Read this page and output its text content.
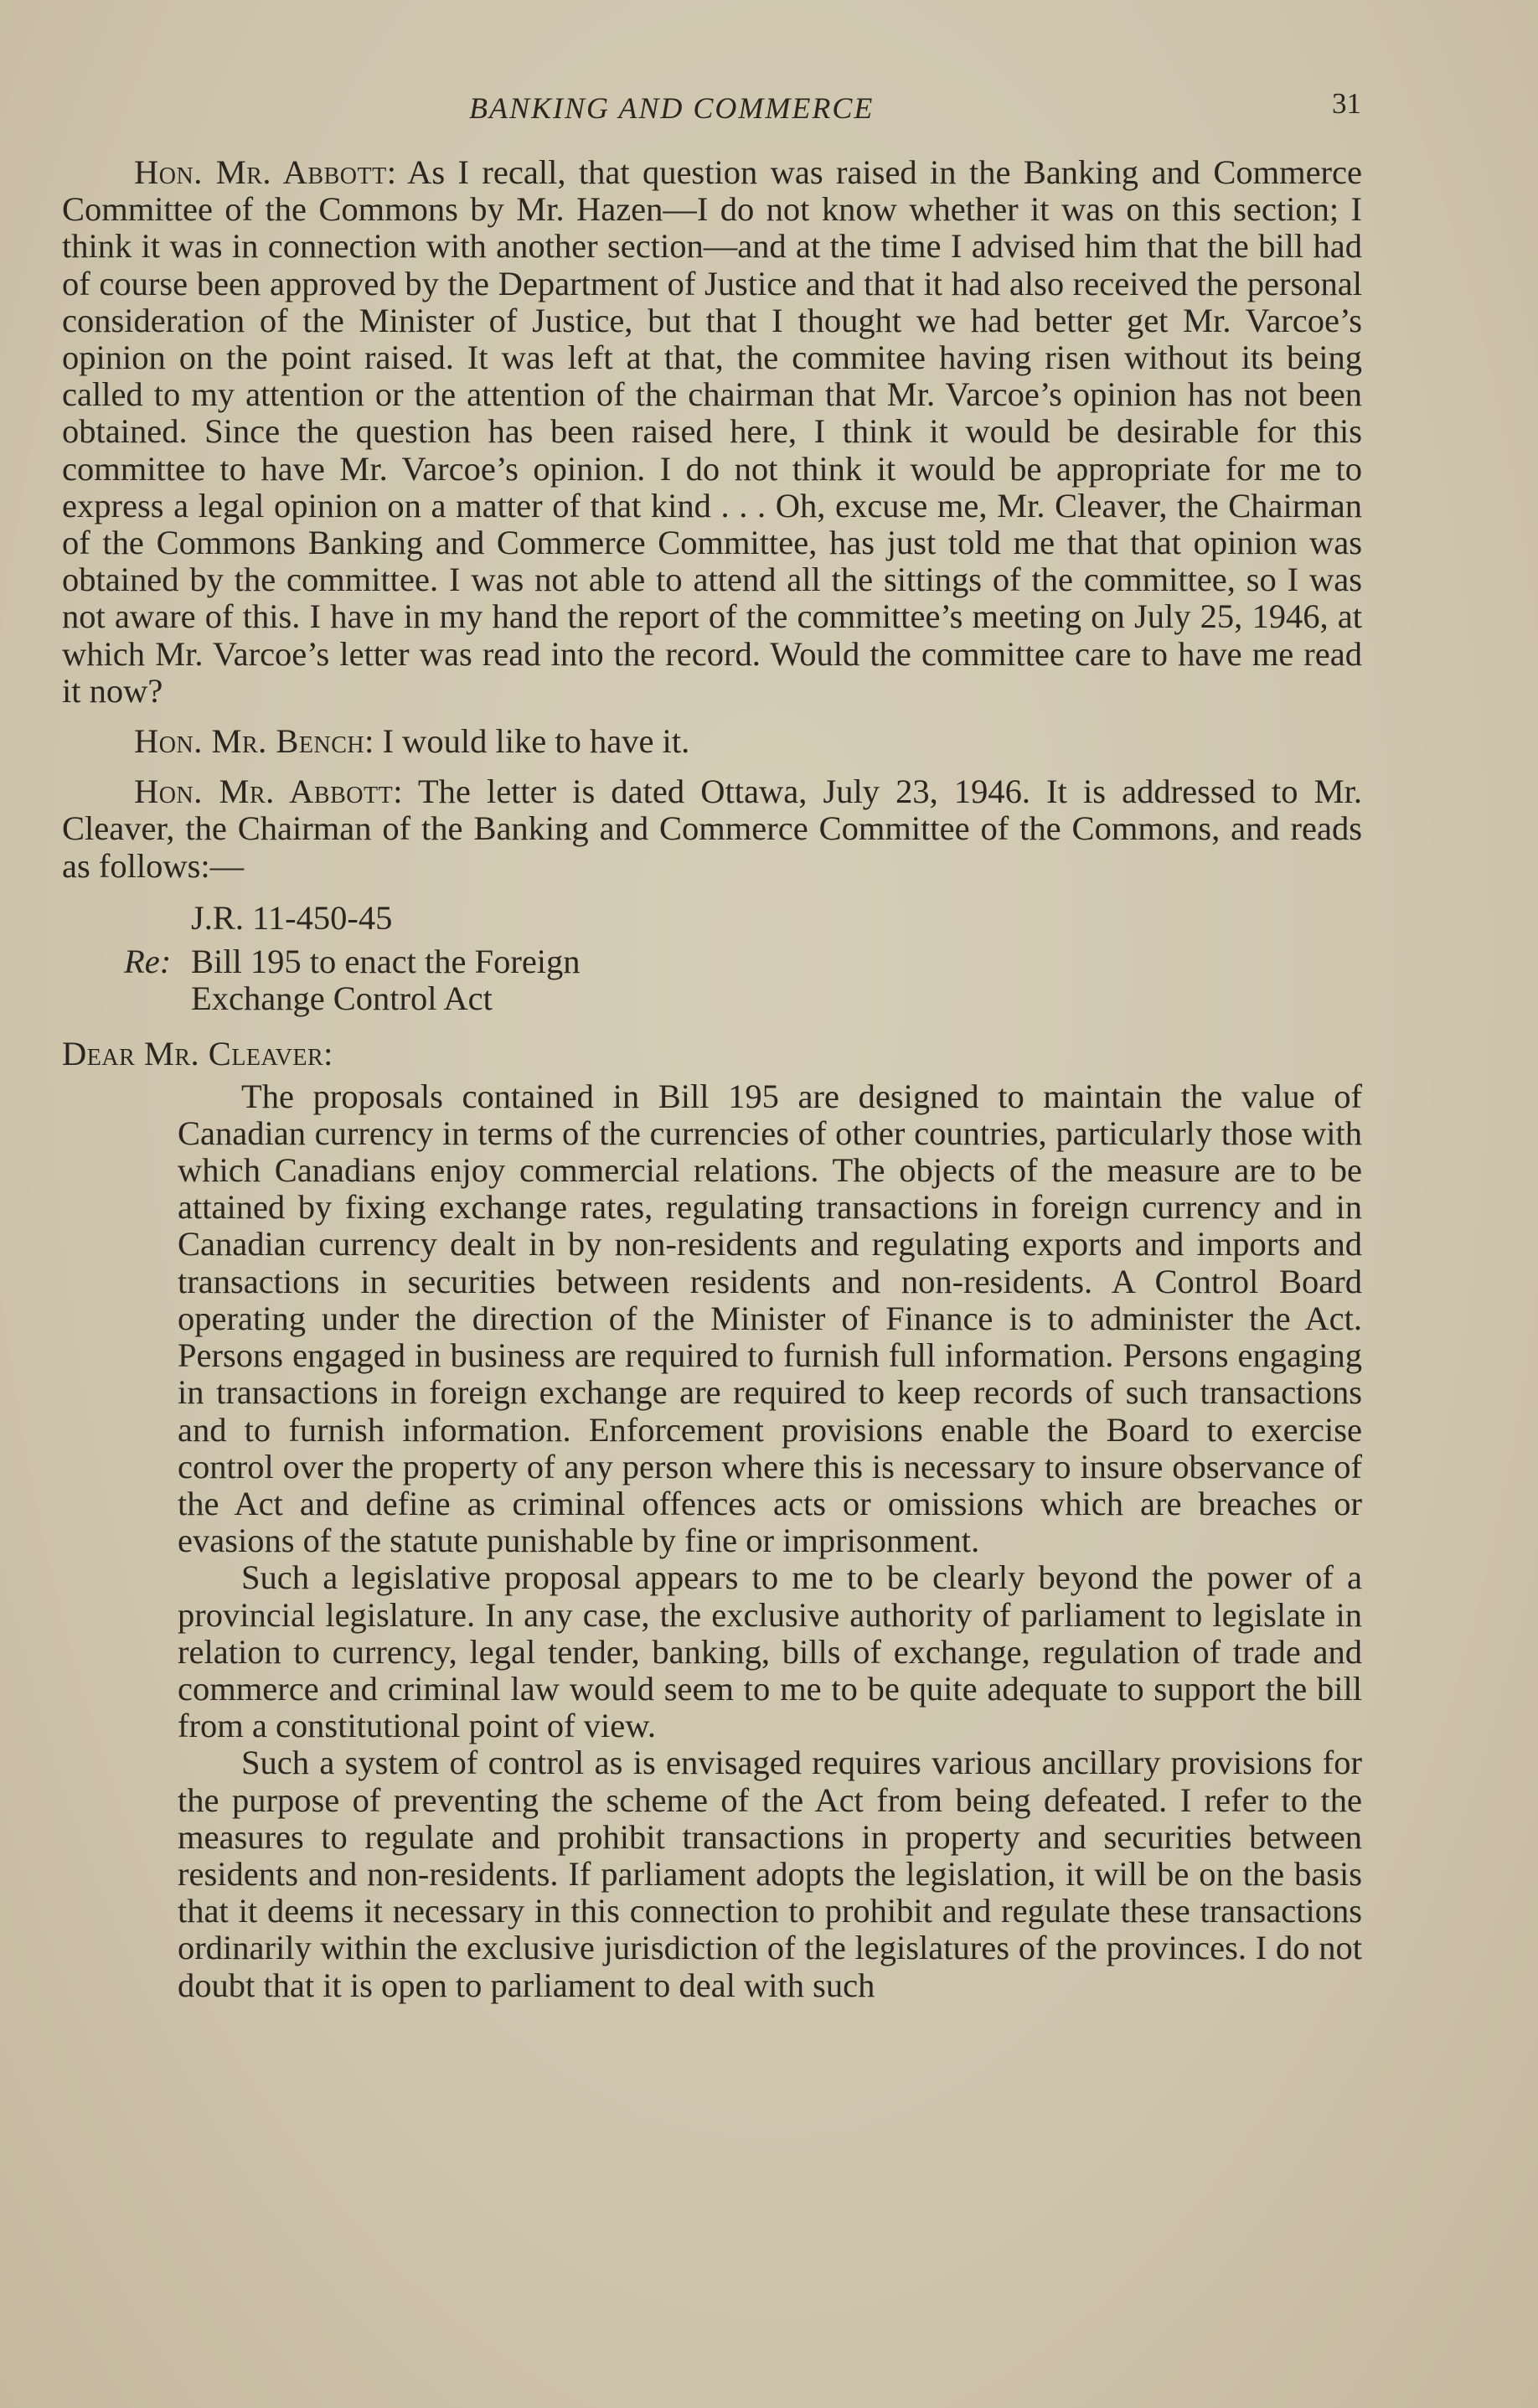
BANKING AND COMMERCE	31

Hon. Mr. Abbott: As I recall, that question was raised in the Banking and Commerce Committee of the Commons by Mr. Hazen—I do not know whether it was on this section; I think it was in connection with another section—and at the time I advised him that the bill had of course been approved by the Department of Justice and that it had also received the personal consideration of the Minister of Justice, but that I thought we had better get Mr. Varcoe’s opinion on the point raised. It was left at that, the commitee having risen without its being called to my attention or the attention of the chairman that Mr. Varcoe’s opinion has not been obtained. Since the question has been raised here, I think it would be desirable for this committee to have Mr. Varcoe’s opinion. I do not think it would be appropriate for me to express a legal opinion on a matter of that kind . . . Oh, excuse me, Mr. Cleaver, the Chairman of the Commons Banking and Commerce Committee, has just told me that that opinion was obtained by the committee. I was not able to attend all the sittings of the committee, so I was not aware of this. I have in my hand the report of the committee’s meeting on July 25, 1946, at which Mr. Varcoe’s letter was read into the record. Would the committee care to have me read it now?

Hon. Mr. Bench: I would like to have it.

Hon. Mr. Abbott: The letter is dated Ottawa, July 23, 1946. It is addressed to Mr. Cleaver, the Chairman of the Banking and Commerce Committee of the Commons, and reads as follows:—

J.R. 11-450-45
Re: Bill 195 to enact the Foreign
Exchange Control Act
Dear Mr. Cleaver:

The proposals contained in Bill 195 are designed to maintain the value of Canadian currency in terms of the currencies of other countries, particularly those with which Canadians enjoy commercial relations. The objects of the measure are to be attained by fixing exchange rates, regulating transactions in foreign currency and in Canadian currency dealt in by non-residents and regulating exports and imports and transactions in securities between residents and non-residents. A Control Board operating under the direction of the Minister of Finance is to administer the Act. Persons engaged in business are required to furnish full information. Persons engaging in transactions in foreign exchange are required to keep records of such transactions and to furnish information. Enforcement provisions enable the Board to exercise control over the property of any person where this is necessary to insure observance of the Act and define as criminal offences acts or omissions which are breaches or evasions of the statute punishable by fine or imprisonment.

Such a legislative proposal appears to me to be clearly beyond the power of a provincial legislature. In any case, the exclusive authority of parliament to legislate in relation to currency, legal tender, banking, bills of exchange, regulation of trade and commerce and criminal law would seem to me to be quite adequate to support the bill from a constitutional point of view.

Such a system of control as is envisaged requires various ancillary provisions for the purpose of preventing the scheme of the Act from being defeated. I refer to the measures to regulate and prohibit transactions in property and securities between residents and non-residents. If parliament adopts the legislation, it will be on the basis that it deems it necessary in this connection to prohibit and regulate these transactions ordinarily within the exclusive jurisdiction of the legislatures of the provinces. I do not doubt that it is open to parliament to deal with such
